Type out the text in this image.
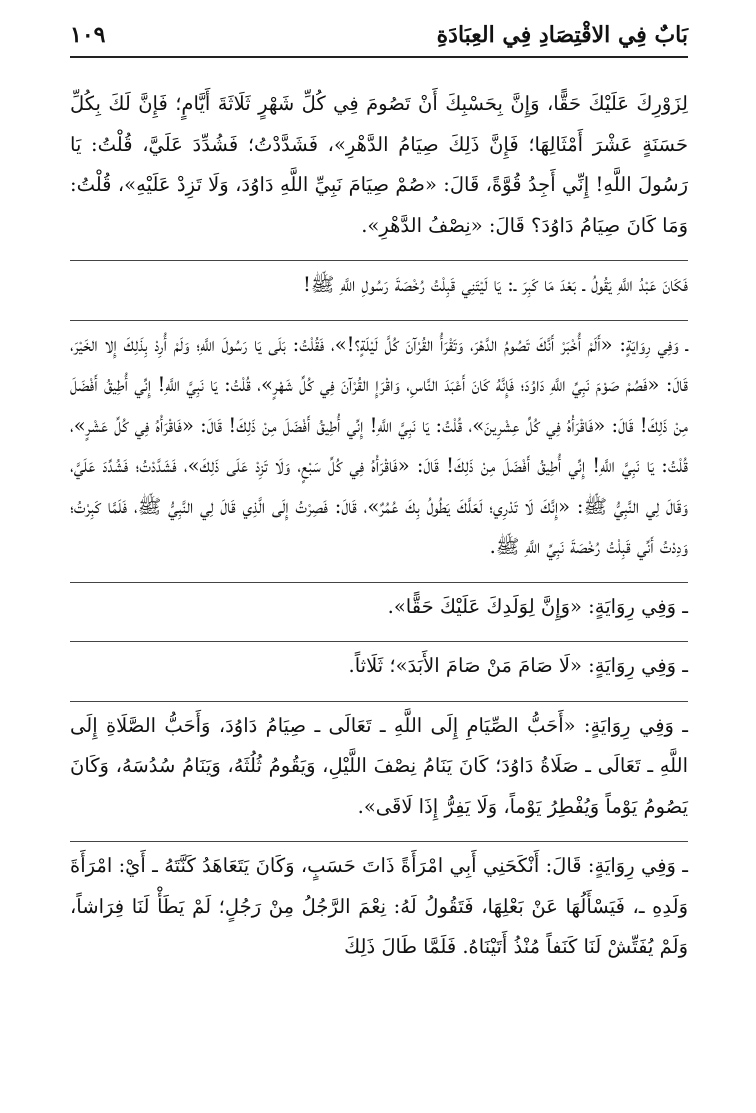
بَابٌ فِي الاقْتِصَادِ فِي العِبَادَةِ
١٠٩

لِزَوْرِكَ عَلَيْكَ حَقًّا، وَإِنَّ بِحَسْبِكَ أَنْ تَصُومَ فِي كُلِّ شَهْرٍ ثَلَاثَةَ أَيَّامٍ؛ فَإِنَّ لَكَ بِكُلِّ حَسَنَةٍ عَشْرَ أَمْثَالِهَا؛ فَإِنَّ ذَلِكَ صِيَامُ الدَّهْرِ»، فَشَدَّدْتُ؛ فَشُدِّدَ عَلَيَّ، قُلْتُ: يَا رَسُولَ اللَّهِ! إِنِّي أَجِدُ قُوَّةً، قَالَ: «صُمْ صِيَامَ نَبِيِّ اللَّهِ دَاوُدَ، وَلَا تَزِدْ عَلَيْهِ»، قُلْتُ: وَمَا كَانَ صِيَامُ دَاوُدَ؟ قَالَ: «نِصْفُ الدَّهْرِ».

فَكَانَ عَبْدُ اللَّهِ يَقُولُ ـ بَعْدَ مَا كَبِرَ ـ: يَا لَيْتَنِي قَبِلْتُ رُخْصَةَ رَسُولِ اللَّهِ ﷺ!

ـ وَفِي رِوَايَةٍ: «أَلَمْ أُخْبَرْ أَنَّكَ تَصُومُ الدَّهْرَ، وَتَقْرَأُ القُرْآنَ كُلَّ لَيْلَةٍ؟!»، فَقُلْتُ: بَلَى يَا رَسُولَ اللَّهِ؛ وَلَمْ أُرِدْ بِذَلِكَ إِلا الخَيْرَ، قَالَ: «فَصُمْ صَوْمَ نَبِيِّ اللَّهِ دَاوُدَ؛ فَإِنَّهُ كَانَ أَعْبَدَ النَّاسِ، وَاقْرَإِ القُرْآنَ فِي كُلِّ شَهْرٍ»، قُلْتُ: يَا نَبِيَّ اللَّهِ! إِنِّي أُطِيقُ أَفْضَلَ مِنْ ذَلِكَ! قَالَ: «فَاقْرَأْهُ فِي كُلِّ عِشْرِينَ»، قُلْتُ: يَا نَبِيَّ اللَّهِ! إِنِّي أُطِيقُ أَفْضَلَ مِنْ ذَلِكَ! قَالَ: «فَاقْرَأْهُ فِي كُلِّ عَشْرٍ»، قُلْتُ: يَا نَبِيَّ اللَّهِ! إِنِّي أُطِيقُ أَفْضَلَ مِنْ ذَلِكَ! قَالَ: «فَاقْرَأْهُ فِي كُلِّ سَبْعٍ، وَلَا تَزِدْ عَلَى ذَلِكَ»، فَشَدَّدْتُ؛ فَشُدِّدَ عَلَيَّ، وَقَالَ لِي النَّبِيُّ ﷺ: «إِنَّكَ لَا تَدْرِي؛ لَعَلَّكَ يَطُولُ بِكَ عُمُرٌ»، قَالَ: فَصِرْتُ إِلَى الَّذِي قَالَ لِي النَّبِيُّ ﷺ، فَلَمَّا كَبِرْتُ؛ وَدِدْتُ أَنِّي قَبِلْتُ رُخْصَةَ نَبِيِّ اللَّهِ ﷺ.

ـ وَفِي رِوَايَةٍ: «وَإِنَّ لِوَلَدِكَ عَلَيْكَ حَقًّا».

ـ وَفِي رِوَايَةٍ: «لَا صَامَ مَنْ صَامَ الأَبَدَ»؛ ثَلَاثاً.

ـ وَفِي رِوَايَةٍ: «أَحَبُّ الصِّيَامِ إِلَى اللَّهِ ـ تَعَالَى ـ صِيَامُ دَاوُدَ، وَأَحَبُّ الصَّلَاةِ إِلَى اللَّهِ ـ تَعَالَى ـ صَلَاةُ دَاوُدَ؛ كَانَ يَنَامُ نِصْفَ اللَّيْلِ، وَيَقُومُ ثُلُثَهُ، وَيَنَامُ سُدُسَهُ، وَكَانَ يَصُومُ يَوْماً وَيُفْطِرُ يَوْماً، وَلَا يَفِرُّ إِذَا لَاقَى».

ـ وَفِي رِوَايَةٍ: قَالَ: أَنْكَحَنِي أَبِي امْرَأَةً ذَاتَ حَسَبٍ، وَكَانَ يَتَعَاهَدُ كَنَّتَهُ ـ أَيْ: امْرَأَةَ وَلَدِهِ ـ، فَيَسْأَلُهَا عَنْ بَعْلِهَا، فَتَقُولُ لَهُ: نِعْمَ الرَّجُلُ مِنْ رَجُلٍ؛ لَمْ يَطَأْ لَنَا فِرَاشاً، وَلَمْ يُفَتِّشْ لَنَا كَنَفاً مُنْذُ أَتَيْنَاهُ. فَلَمَّا طَالَ ذَلِكَ
